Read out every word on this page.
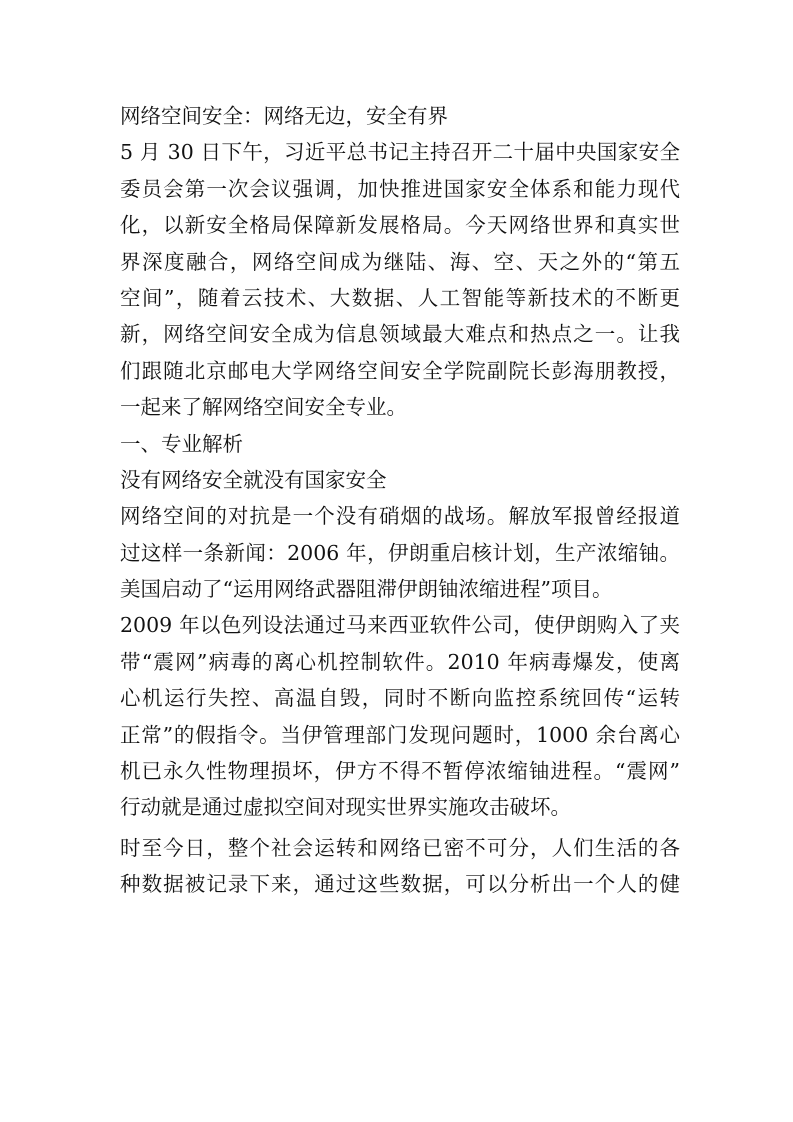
网络空间安全：网络无边，安全有界
5 月 30 日下午，习近平总书记主持召开二十届中央国家安全
委员会第一次会议强调，加快推进国家安全体系和能力现代
化，以新安全格局保障新发展格局。今天网络世界和真实世
界深度融合，网络空间成为继陆、海、空、天之外的“第五
空间”，随着云技术、大数据、人工智能等新技术的不断更
新，网络空间安全成为信息领域最大难点和热点之一。让我
们跟随北京邮电大学网络空间安全学院副院长彭海朋教授，
一起来了解网络空间安全专业。
一、专业解析
没有网络安全就没有国家安全
网络空间的对抗是一个没有硝烟的战场。解放军报曾经报道
过这样一条新闻：2006 年，伊朗重启核计划，生产浓缩铀。
美国启动了“运用网络武器阻滞伊朗铀浓缩进程”项目。
2009 年以色列设法通过马来西亚软件公司，使伊朗购入了夹
带“震网”病毒的离心机控制软件。2010 年病毒爆发，使离
心机运行失控、高温自毁，同时不断向监控系统回传“运转
正常”的假指令。当伊管理部门发现问题时，1000 余台离心
机已永久性物理损坏，伊方不得不暂停浓缩铀进程。“震网”
行动就是通过虚拟空间对现实世界实施攻击破坏。
时至今日，整个社会运转和网络已密不可分，人们生活的各
种数据被记录下来，通过这些数据，可以分析出一个人的健
